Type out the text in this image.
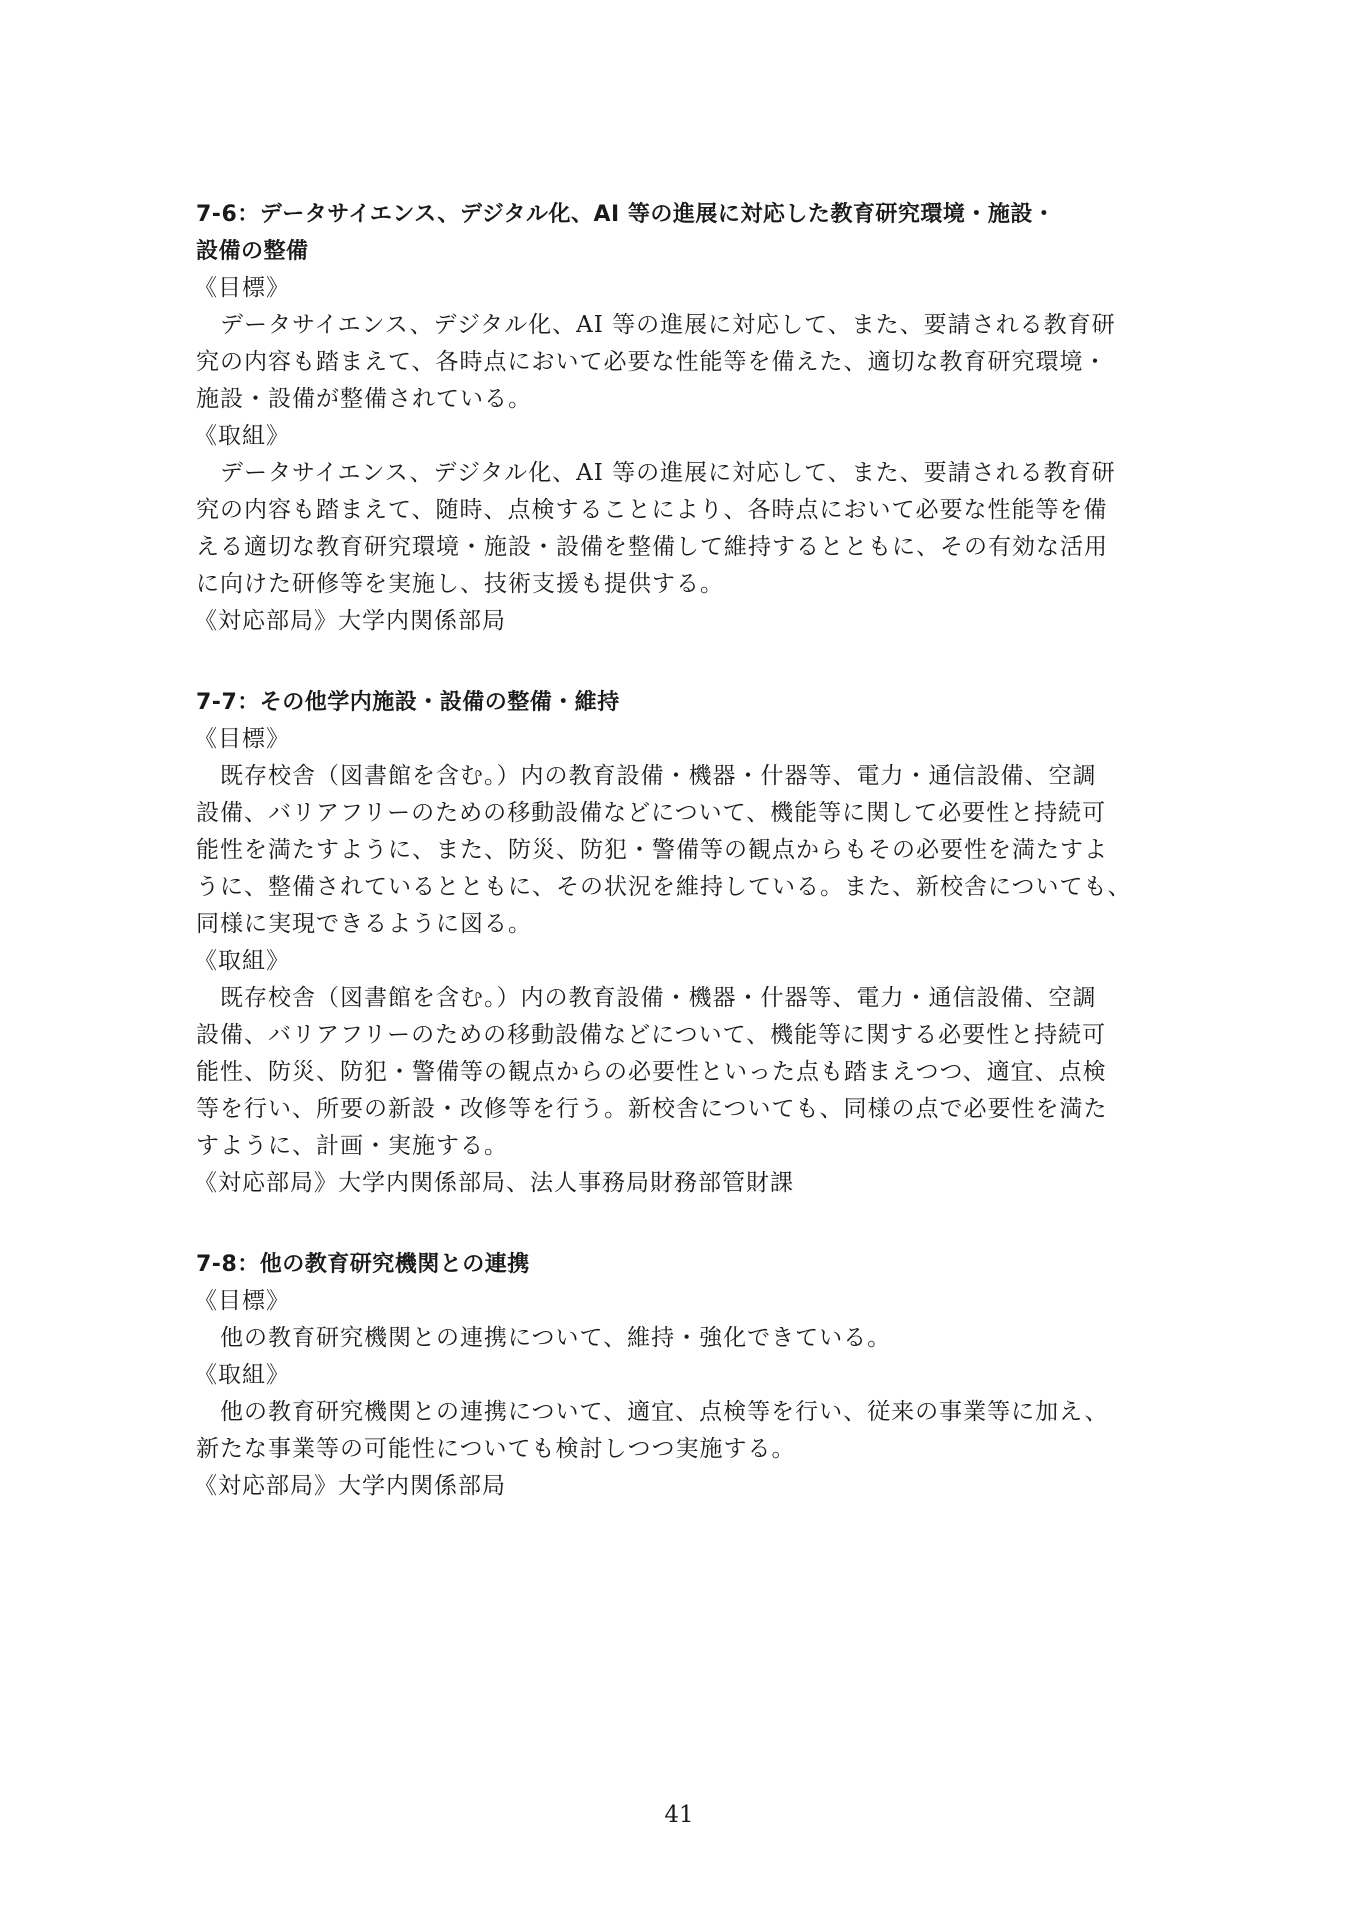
7-6：データサイエンス、デジタル化、AI 等の進展に対応した教育研究環境・施設・
設備の整備
《目標》
　データサイエンス、デジタル化、AI 等の進展に対応して、また、要請される教育研
究の内容も踏まえて、各時点において必要な性能等を備えた、適切な教育研究環境・
施設・設備が整備されている。
《取組》
　データサイエンス、デジタル化、AI 等の進展に対応して、また、要請される教育研
究の内容も踏まえて、随時、点検することにより、各時点において必要な性能等を備
える適切な教育研究環境・施設・設備を整備して維持するとともに、その有効な活用
に向けた研修等を実施し、技術支援も提供する。
《対応部局》大学内関係部局
7-7：その他学内施設・設備の整備・維持
《目標》
　既存校舎（図書館を含む。）内の教育設備・機器・什器等、電力・通信設備、空調
設備、バリアフリーのための移動設備などについて、機能等に関して必要性と持続可
能性を満たすように、また、防災、防犯・警備等の観点からもその必要性を満たすよ
うに、整備されているとともに、その状況を維持している。また、新校舎についても、
同様に実現できるように図る。
《取組》
　既存校舎（図書館を含む。）内の教育設備・機器・什器等、電力・通信設備、空調
設備、バリアフリーのための移動設備などについて、機能等に関する必要性と持続可
能性、防災、防犯・警備等の観点からの必要性といった点も踏まえつつ、適宜、点検
等を行い、所要の新設・改修等を行う。新校舎についても、同様の点で必要性を満た
すように、計画・実施する。
《対応部局》大学内関係部局、法人事務局財務部管財課
7-8：他の教育研究機関との連携
《目標》
　他の教育研究機関との連携について、維持・強化できている。
《取組》
　他の教育研究機関との連携について、適宜、点検等を行い、従来の事業等に加え、
新たな事業等の可能性についても検討しつつ実施する。
《対応部局》大学内関係部局
41
